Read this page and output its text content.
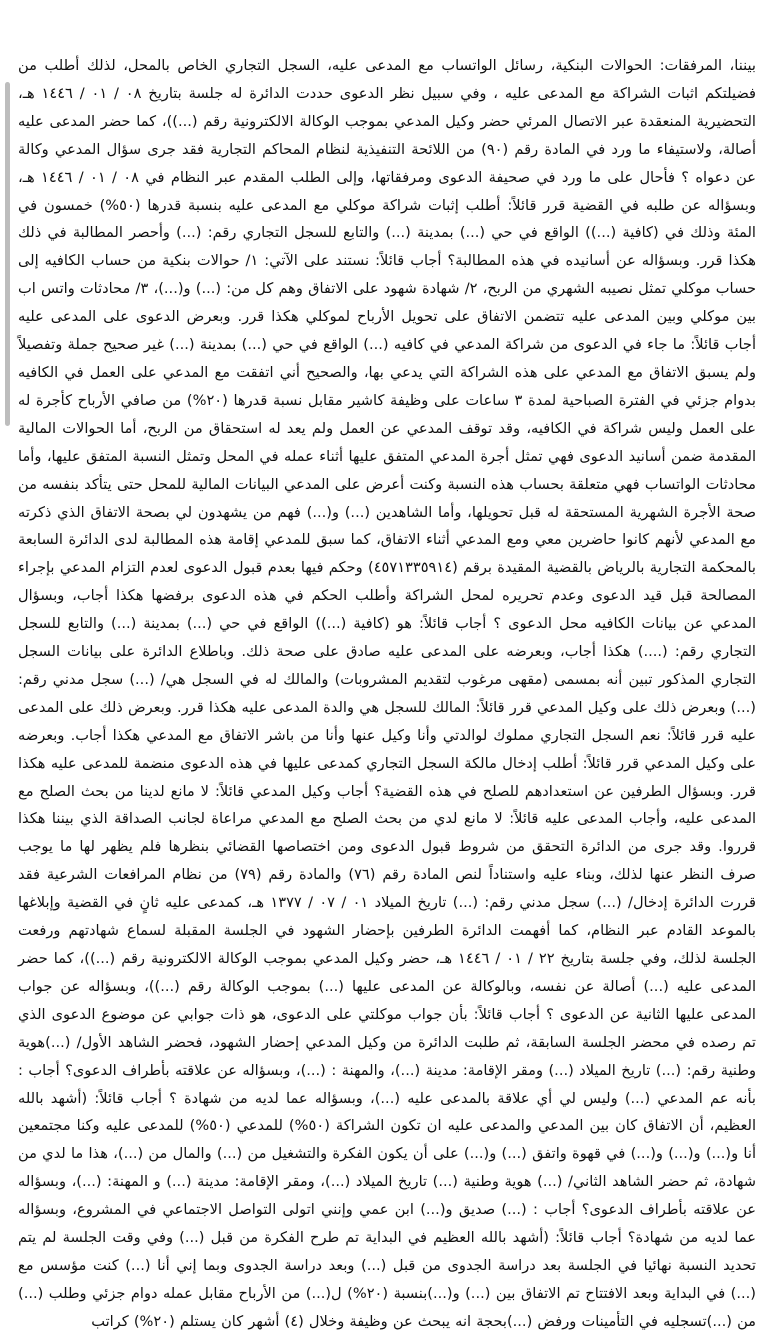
بيننا، المرفقات: الحوالات البنكية، رسائل الواتساب مع المدعى عليه، السجل التجاري الخاص بالمحل، لذلك أطلب من فضيلتكم اثبات الشراكة مع المدعى عليه ، وفي سبيل نظر الدعوى حددت الدائرة له جلسة بتاريخ ٠٨ / ٠١ / ١٤٤٦ هـ، التحضيرية المنعقدة عبر الاتصال المرئي حضر وكيل المدعي بموجب الوكالة الالكترونية رقم (...))، كما حضر المدعى عليه أصالة، ولاستيفاء ما ورد في المادة رقم (٩٠) من اللائحة التنفيذية لنظام المحاكم التجارية فقد جرى سؤال المدعي وكالة عن دعواه ؟ فأحال على ما ورد في صحيفة الدعوى ومرفقاتها، وإلى الطلب المقدم عبر النظام في ٠٨ / ٠١ / ١٤٤٦ هـ، وبسؤاله عن طلبه في القضية قرر قائلاً: أطلب إثبات شراكة موكلي مع المدعى عليه بنسبة قدرها (٥٠%) خمسون في المئة وذلك في (كافية (...)) الواقع في حي (...) بمدينة (...) والتابع للسجل التجاري رقم: (...) وأحصر المطالبة في ذلك هكذا قرر. وبسؤاله عن أسانيده في هذه المطالبة؟ أجاب قائلاً: نستند على الآتي: ١/ حوالات بنكية من حساب الكافيه إلى حساب موكلي تمثل نصيبه الشهري من الربح، ٢/ شهادة شهود على الاتفاق وهم كل من: (...) و(...)، ٣/ محادثات واتس اب بين موكلي وبين المدعى عليه تتضمن الاتفاق على تحويل الأرباح لموكلي هكذا قرر. وبعرض الدعوى على المدعى عليه أجاب قائلاً: ما جاء في الدعوى من شراكة المدعي في كافيه (...) الواقع في حي (...) بمدينة (...) غير صحيح جملة وتفصيلاً ولم يسبق الاتفاق مع المدعي على هذه الشراكة التي يدعي بها، والصحيح أني اتفقت مع المدعي على العمل في الكافيه بدوام جزئي في الفترة الصباحية لمدة ٣ ساعات على وظيفة كاشير مقابل نسبة قدرها (٢٠%) من صافي الأرباح كأجرة له على العمل وليس شراكة في الكافيه، وقد توقف المدعي عن العمل ولم يعد له استحقاق من الربح، أما الحوالات المالية المقدمة ضمن أسانيد الدعوى فهي تمثل أجرة المدعي المتفق عليها أثناء عمله في المحل وتمثل النسبة المتفق عليها، وأما محادثات الواتساب فهي متعلقة بحساب هذه النسبة وكنت أعرض على المدعي البيانات المالية للمحل حتى يتأكد بنفسه من صحة الأجرة الشهرية المستحقة له قبل تحويلها، وأما الشاهدين (...) و(...) فهم من يشهدون لي بصحة الاتفاق الذي ذكرته مع المدعي لأنهم كانوا حاضرين معي ومع المدعي أثناء الاتفاق، كما سبق للمدعي إقامة هذه المطالبة لدى الدائرة السابعة بالمحكمة التجارية بالرياض بالقضية المقيدة برقم (٤٥٧١٣٣٥٩١٤) وحكم فيها بعدم قبول الدعوى لعدم التزام المدعي بإجراء المصالحة قبل قيد الدعوى وعدم تحريره لمحل الشراكة وأطلب الحكم في هذه الدعوى برفضها هكذا أجاب، وبسؤال المدعي عن بيانات الكافيه محل الدعوى ؟ أجاب قائلاً: هو (كافية (...)) الواقع في حي (...) بمدينة (...) والتابع للسجل التجاري رقم: (....) هكذا أجاب، وبعرضه على المدعى عليه صادق على صحة ذلك. وباطلاع الدائرة على بيانات السجل التجاري المذكور تبين أنه بمسمى (مقهى مرغوب لتقديم المشروبات) والمالك له في السجل هي/ (...) سجل مدني رقم: (...) وبعرض ذلك على وكيل المدعي قرر قائلاً: المالك للسجل هي والدة المدعى عليه هكذا قرر. وبعرض ذلك على المدعى عليه قرر قائلاً: نعم السجل التجاري مملوك لوالدتي وأنا وكيل عنها وأنا من باشر الاتفاق مع المدعي هكذا أجاب. وبعرضه على وكيل المدعي قرر قائلاً: أطلب إدخال مالكة السجل التجاري كمدعى عليها في هذه الدعوى منضمة للمدعى عليه هكذا قرر. وبسؤال الطرفين عن استعدادهم للصلح في هذه القضية؟ أجاب وكيل المدعي قائلاً: لا مانع لدينا من بحث الصلح مع المدعى عليه، وأجاب المدعى عليه قائلاً: لا مانع لدي من بحث الصلح مع المدعي مراعاة لجانب الصداقة الذي بيننا هكذا قرروا. وقد جرى من الدائرة التحقق من شروط قبول الدعوى ومن اختصاصها القضائي بنظرها فلم يظهر لها ما يوجب صرف النظر عنها لذلك، وبناء عليه واستناداً لنص المادة رقم (٧٦) والمادة رقم (٧٩) من نظام المرافعات الشرعية فقد قررت الدائرة إدخال/ (...) سجل مدني رقم: (...) تاريخ الميلاد ٠١ / ٠٧ / ١٣٧٧ هـ، كمدعى عليه ثانٍ في القضية وإبلاغها بالموعد القادم عبر النظام، كما أفهمت الدائرة الطرفين بإحضار الشهود في الجلسة المقبلة لسماع شهادتهم ورفعت الجلسة لذلك، وفي جلسة بتاريخ ٢٢ / ٠١ / ١٤٤٦ هـ، حضر وكيل المدعي بموجب الوكالة الالكترونية رقم (...))، كما حضر المدعى عليه (...) أصالة عن نفسه، وبالوكالة عن المدعى عليها (...) بموجب الوكالة رقم (...))، وبسؤاله عن جواب المدعى عليها الثانية عن الدعوى ؟ أجاب قائلاً: بأن جواب موكلتي على الدعوى، هو ذات جوابي عن موضوع الدعوى الذي تم رصده في محضر الجلسة السابقة، ثم طلبت الدائرة من وكيل المدعي إحضار الشهود، فحضر الشاهد الأول/ (...)هوية وطنية رقم: (...) تاريخ الميلاد (...) ومقر الإقامة: مدينة (...)، والمهنة : (...)، وبسؤاله عن علاقته بأطراف الدعوى؟ أجاب : بأنه عم المدعي (...) وليس لي أي علاقة بالمدعى عليه (...)، وبسؤاله عما لديه من شهادة ؟ أجاب قائلاً: (أشهد بالله العظيم، أن الاتفاق كان بين المدعي والمدعى عليه ان تكون الشراكة (٥٠%) للمدعي (٥٠%) للمدعى عليه وكنا مجتمعين أنا و(...) و(...) و(...) في قهوة واتفق (...) و(...) على أن يكون الفكرة والتشغيل من (...) والمال من (...)، هذا ما لدي من شهادة، ثم حضر الشاهد الثاني/ (...) هوية وطنية (...) تاريخ الميلاد (...)، ومقر الإقامة: مدينة (...) و المهنة: (...)، وبسؤاله عن علاقته بأطراف الدعوى؟ أجاب : (...) صديق و(...) ابن عمي وإنني اتولى التواصل الاجتماعي في المشروع، وبسؤاله عما لديه من شهادة؟ أجاب قائلاً: (أشهد بالله العظيم في البداية تم طرح الفكرة من قبل (...) وفي وقت الجلسة لم يتم تحديد النسبة نهائيا في الجلسة بعد دراسة الجدوى من قبل (...) وبعد دراسة الجدوى وبما إني أنا (...) كنت مؤسس مع (...) في البداية وبعد الافتتاح تم الاتفاق بين (...) و(...)بنسبة (٢٠%) ل(...) من الأرباح مقابل عمله دوام جزئي وطلب (...) من (...)تسجليه في التأمينات ورفض (...)بحجة انه يبحث عن وظيفة وخلال (٤) أشهر كان يستلم (٢٠%) كراتب
